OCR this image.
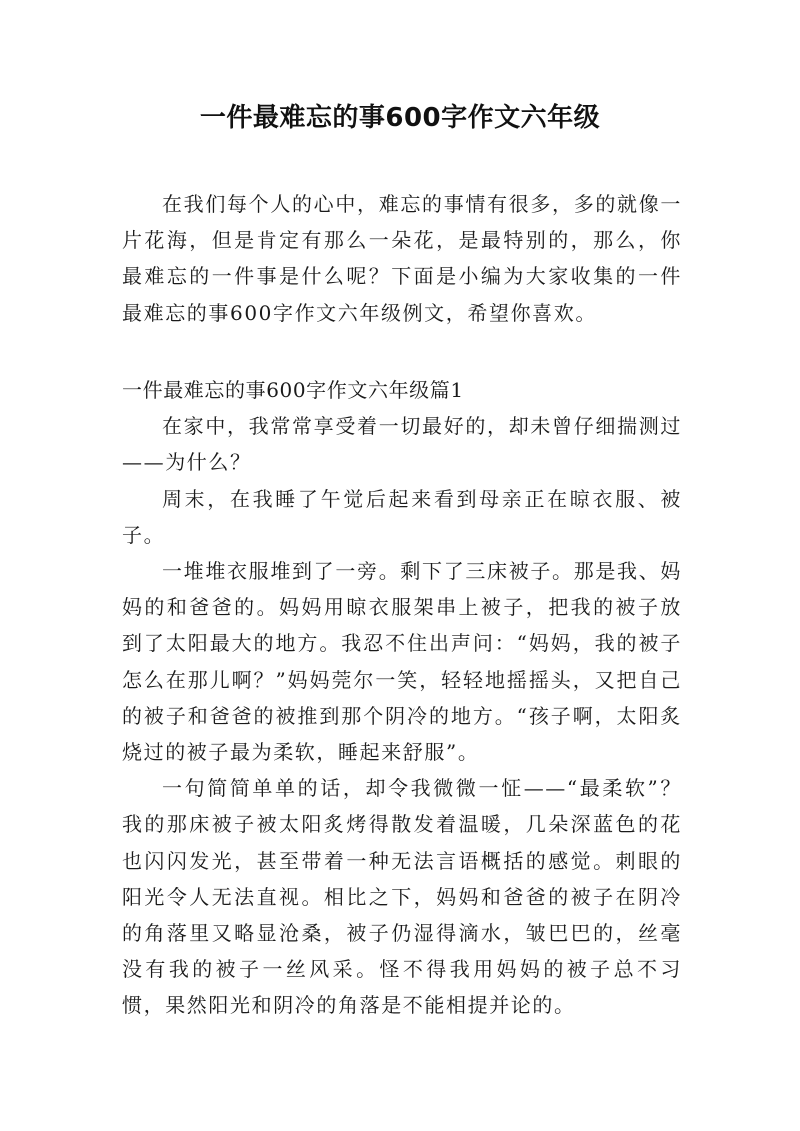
一件最难忘的事600字作文六年级

在我们每个人的心中，难忘的事情有很多，多的就像一片花海，但是肯定有那么一朵花，是最特别的，那么，你最难忘的一件事是什么呢？下面是小编为大家收集的一件最难忘的事600字作文六年级例文，希望你喜欢。

一件最难忘的事600字作文六年级篇1

在家中，我常常享受着一切最好的，却未曾仔细揣测过——为什么？

周末，在我睡了午觉后起来看到母亲正在晾衣服、被子。

一堆堆衣服堆到了一旁。剩下了三床被子。那是我、妈妈的和爸爸的。妈妈用晾衣服架串上被子，把我的被子放到了太阳最大的地方。我忍不住出声问：“妈妈，我的被子怎么在那儿啊？”妈妈莞尔一笑，轻轻地摇摇头，又把自己的被子和爸爸的被推到那个阴冷的地方。“孩子啊，太阳炙烧过的被子最为柔软，睡起来舒服”。

一句简简单单的话，却令我微微一怔——“最柔软”？我的那床被子被太阳炙烤得散发着温暖，几朵深蓝色的花也闪闪发光，甚至带着一种无法言语概括的感觉。刺眼的阳光令人无法直视。相比之下，妈妈和爸爸的被子在阴冷的角落里又略显沧桑，被子仍湿得滴水，皱巴巴的，丝毫没有我的被子一丝风采。怪不得我用妈妈的被子总不习惯，果然阳光和阴冷的角落是不能相提并论的。
